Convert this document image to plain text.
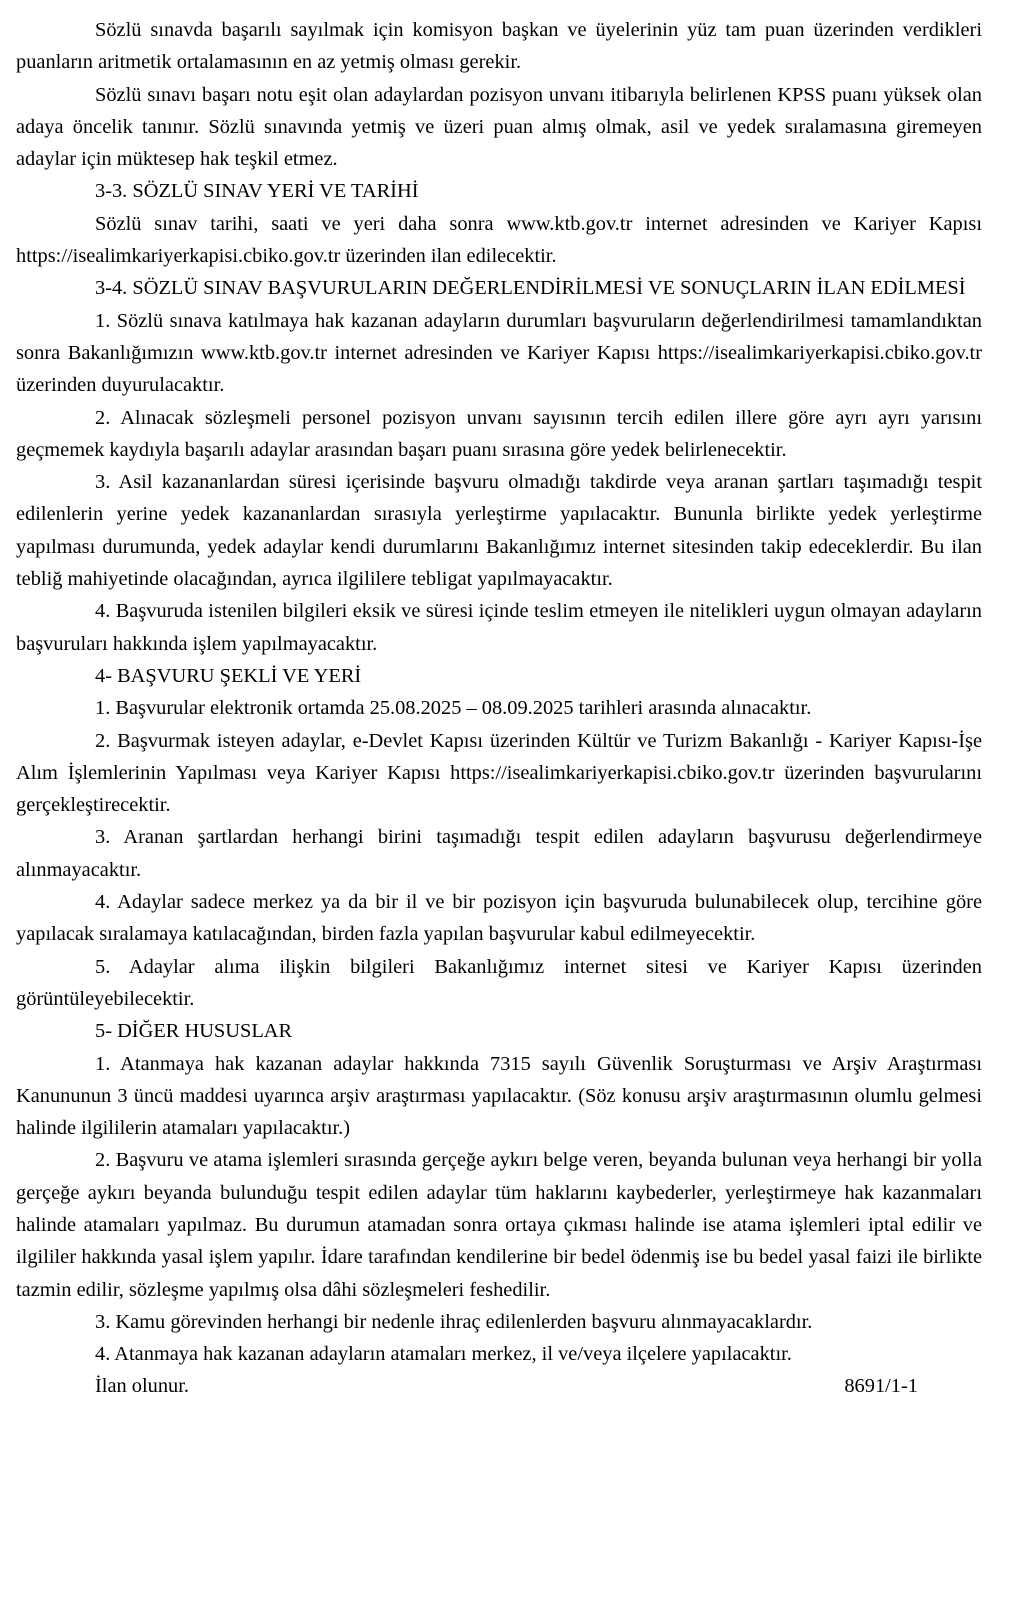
Sözlü sınavda başarılı sayılmak için komisyon başkan ve üyelerinin yüz tam puan üzerinden verdikleri puanların aritmetik ortalamasının en az yetmiş olması gerekir.

Sözlü sınavı başarı notu eşit olan adaylardan pozisyon unvanı itibarıyla belirlenen KPSS puanı yüksek olan adaya öncelik tanınır. Sözlü sınavında yetmiş ve üzeri puan almış olmak, asil ve yedek sıralamasına giremeyen adaylar için müktesep hak teşkil etmez.

3-3. SÖZLÜ SINAV YERİ VE TARİHİ

Sözlü sınav tarihi, saati ve yeri daha sonra www.ktb.gov.tr internet adresinden ve Kariyer Kapısı https://isealimkariyerkapisi.cbiko.gov.tr üzerinden ilan edilecektir.

3-4. SÖZLÜ SINAV BAŞVURULARIN DEĞERLENDİRİLMESİ VE SONUÇLARIN İLAN EDİLMESİ

1. Sözlü sınava katılmaya hak kazanan adayların durumları başvuruların değerlendirilmesi tamamlandıktan sonra Bakanlığımızın www.ktb.gov.tr internet adresinden ve Kariyer Kapısı https://isealimkariyerkapisi.cbiko.gov.tr üzerinden duyurulacaktır.

2. Alınacak sözleşmeli personel pozisyon unvanı sayısının tercih edilen illere göre ayrı ayrı yarısını geçmemek kaydıyla başarılı adaylar arasından başarı puanı sırasına göre yedek belirlenecektir.

3. Asil kazananlardan süresi içerisinde başvuru olmadığı takdirde veya aranan şartları taşımadığı tespit edilenlerin yerine yedek kazananlardan sırasıyla yerleştirme yapılacaktır. Bununla birlikte yedek yerleştirme yapılması durumunda, yedek adaylar kendi durumlarını Bakanlığımız internet sitesinden takip edeceklerdir. Bu ilan tebliğ mahiyetinde olacağından, ayrıca ilgililere tebligat yapılmayacaktır.

4. Başvuruda istenilen bilgileri eksik ve süresi içinde teslim etmeyen ile nitelikleri uygun olmayan adayların başvuruları hakkında işlem yapılmayacaktır.

4- BAŞVURU ŞEKLİ VE YERİ

1. Başvurular elektronik ortamda 25.08.2025 – 08.09.2025 tarihleri arasında alınacaktır.

2. Başvurmak isteyen adaylar, e-Devlet Kapısı üzerinden Kültür ve Turizm Bakanlığı - Kariyer Kapısı-İşe Alım İşlemlerinin Yapılması veya Kariyer Kapısı https://isealimkariyerkapisi.cbiko.gov.tr üzerinden başvurularını gerçekleştirecektir.

3. Aranan şartlardan herhangi birini taşımadığı tespit edilen adayların başvurusu değerlendirmeye alınmayacaktır.

4. Adaylar sadece merkez ya da bir il ve bir pozisyon için başvuruda bulunabilecek olup, tercihine göre yapılacak sıralamaya katılacağından, birden fazla yapılan başvurular kabul edilmeyecektir.

5. Adaylar alıma ilişkin bilgileri Bakanlığımız internet sitesi ve Kariyer Kapısı üzerinden görüntüleyebilecektir.

5- DİĞER HUSUSLAR

1. Atanmaya hak kazanan adaylar hakkında 7315 sayılı Güvenlik Soruşturması ve Arşiv Araştırması Kanununun 3 üncü maddesi uyarınca arşiv araştırması yapılacaktır. (Söz konusu arşiv araştırmasının olumlu gelmesi halinde ilgililerin atamaları yapılacaktır.)

2. Başvuru ve atama işlemleri sırasında gerçeğe aykırı belge veren, beyanda bulunan veya herhangi bir yolla gerçeğe aykırı beyanda bulunduğu tespit edilen adaylar tüm haklarını kaybederler, yerleştirmeye hak kazanmaları halinde atamaları yapılmaz. Bu durumun atamadan sonra ortaya çıkması halinde ise atama işlemleri iptal edilir ve ilgililer hakkında yasal işlem yapılır. İdare tarafından kendilerine bir bedel ödenmiş ise bu bedel yasal faizi ile birlikte tazmin edilir, sözleşme yapılmış olsa dâhi sözleşmeleri feshedilir.

3. Kamu görevinden herhangi bir nedenle ihraç edilenlerden başvuru alınmayacaklardır.

4. Atanmaya hak kazanan adayların atamaları merkez, il ve/veya ilçelere yapılacaktır.

İlan olunur.	8691/1-1
